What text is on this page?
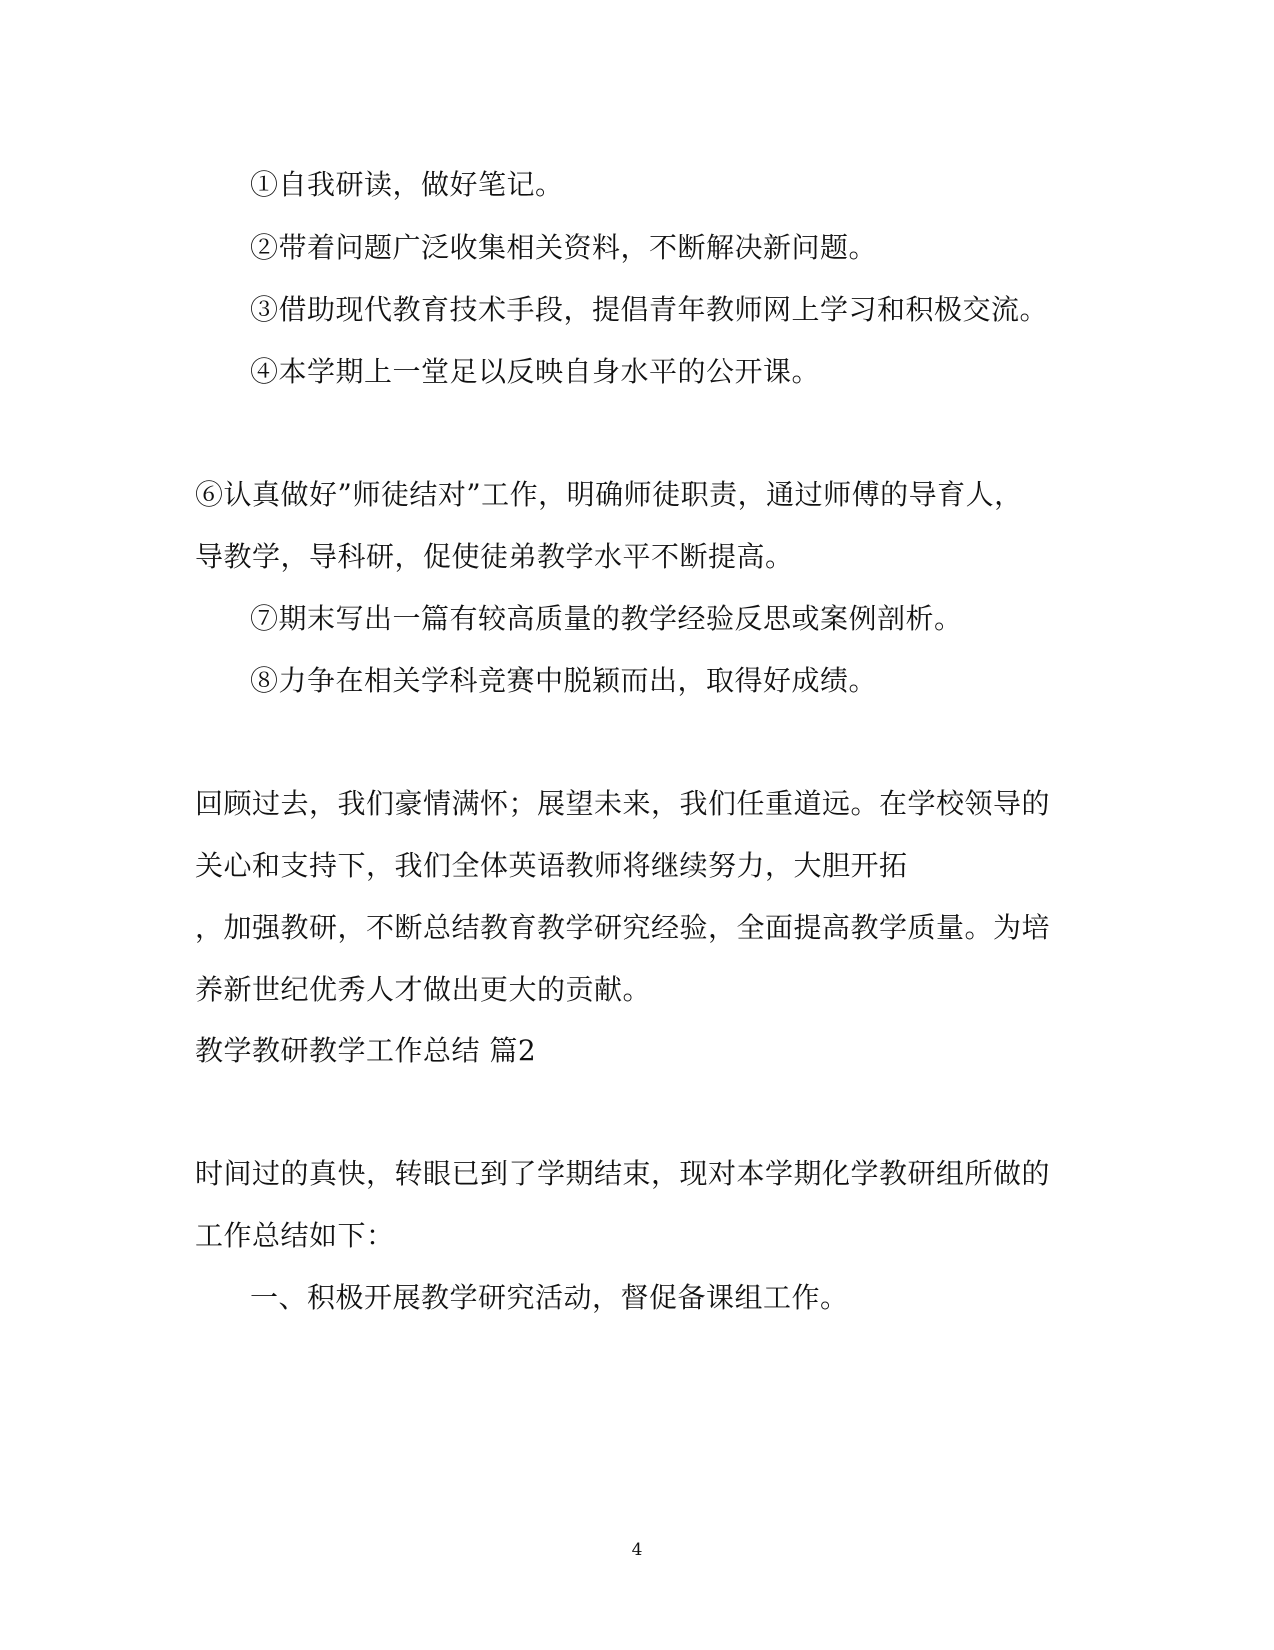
①自我研读，做好笔记。
②带着问题广泛收集相关资料，不断解决新问题。
③借助现代教育技术手段，提倡青年教师网上学习和积极交流。
④本学期上一堂足以反映自身水平的公开课。
⑥认真做好”师徒结对”工作，明确师徒职责，通过师傅的导育人，
导教学，导科研，促使徒弟教学水平不断提高。
⑦期末写出一篇有较高质量的教学经验反思或案例剖析。
⑧力争在相关学科竞赛中脱颖而出，取得好成绩。
回顾过去，我们豪情满怀；展望未来，我们任重道远。在学校领导的
关心和支持下，我们全体英语教师将继续努力，大胆开拓
，加强教研，不断总结教育教学研究经验，全面提高教学质量。为培
养新世纪优秀人才做出更大的贡献。
教学教研教学工作总结 篇2
时间过的真快，转眼已到了学期结束，现对本学期化学教研组所做的
工作总结如下：
一、积极开展教学研究活动，督促备课组工作。
4
